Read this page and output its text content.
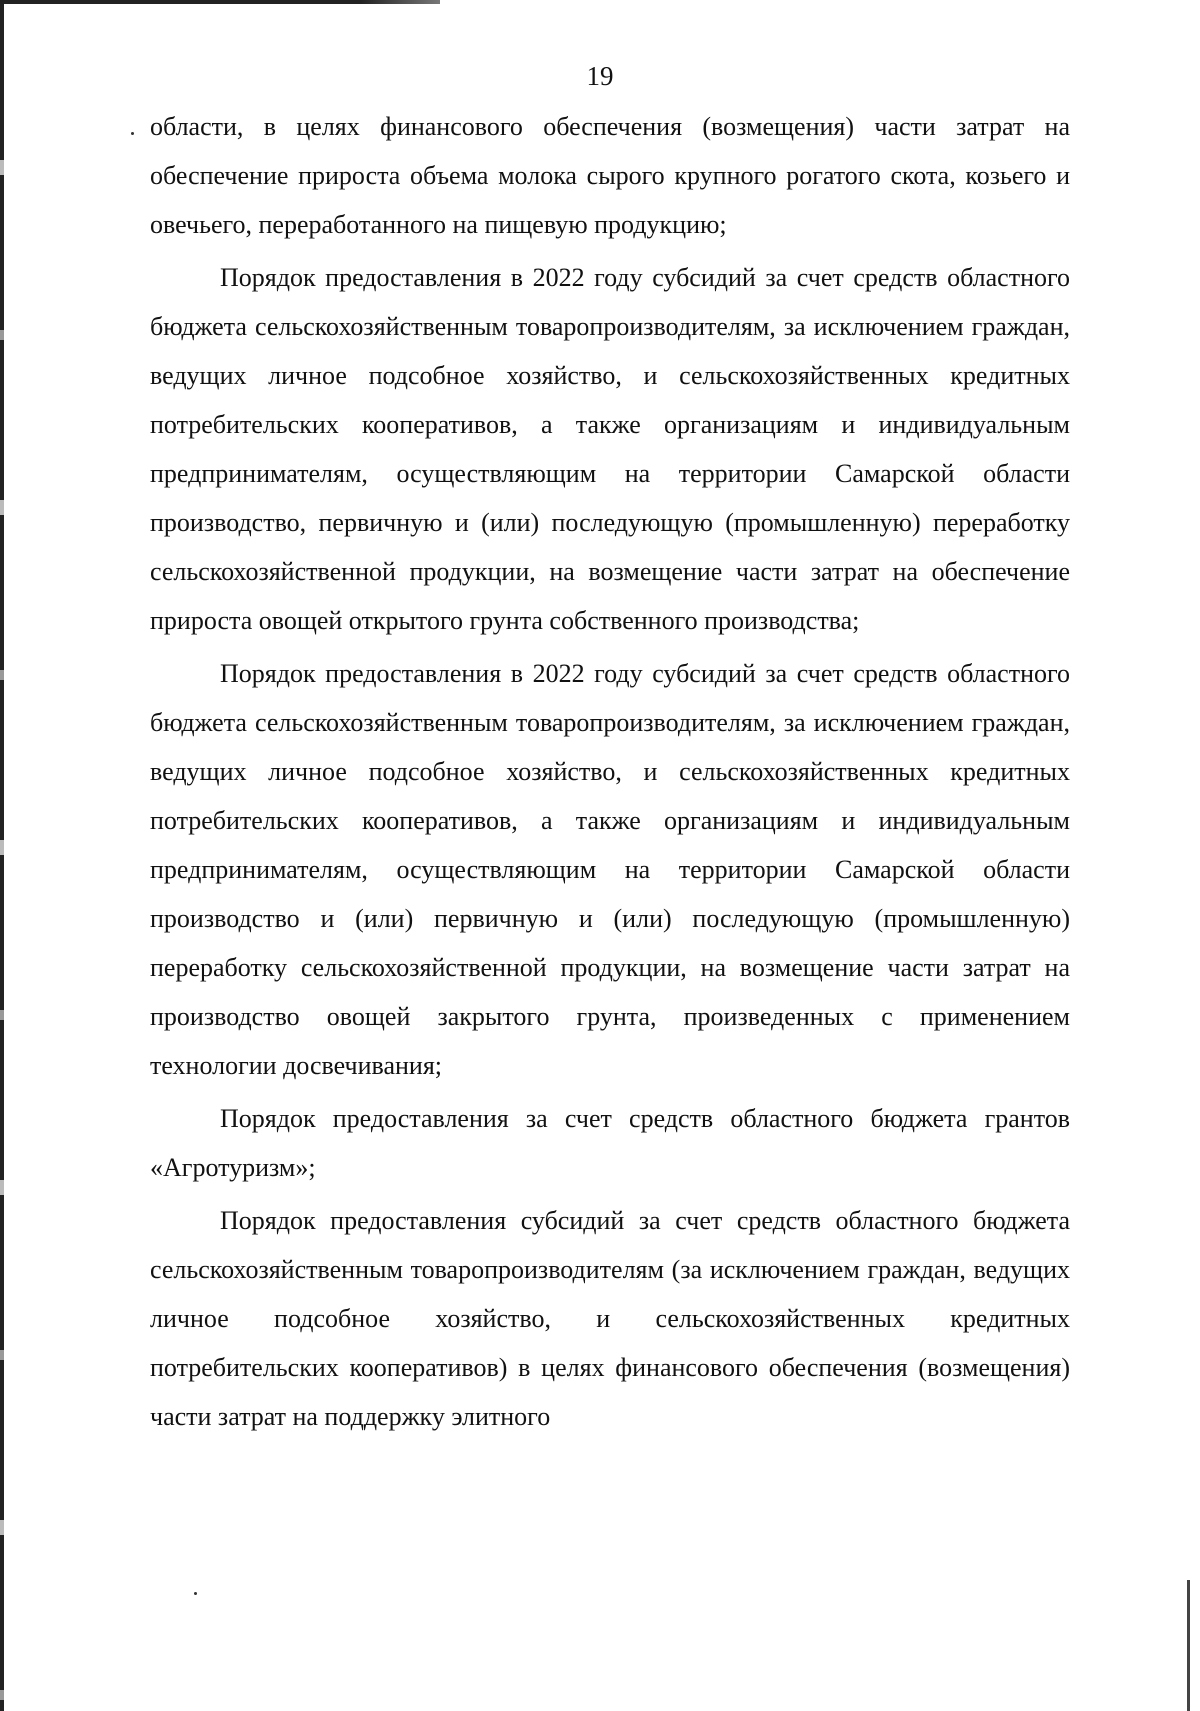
19

области, в целях финансового обеспечения (возмещения) части затрат на обеспечение прироста объема молока сырого крупного рогатого скота, козьего и овечьего, переработанного на пищевую продукцию;

Порядок предоставления в 2022 году субсидий за счет средств областного бюджета сельскохозяйственным товаропроизводителям, за исключением граждан, ведущих личное подсобное хозяйство, и сельскохозяйственных кредитных потребительских кооперативов, а также организациям и индивидуальным предпринимателям, осуществляющим на территории Самарской области производство, первичную и (или) последующую (промышленную) переработку сельскохозяйственной продукции, на возмещение части затрат на обеспечение прироста овощей открытого грунта собственного производства;

Порядок предоставления в 2022 году субсидий за счет средств областного бюджета сельскохозяйственным товаропроизводителям, за исключением граждан, ведущих личное подсобное хозяйство, и сельскохозяйственных кредитных потребительских кооперативов, а также организациям и индивидуальным предпринимателям, осуществляющим на территории Самарской области производство и (или) первичную и (или) последующую (промышленную) переработку сельскохозяйственной продукции, на возмещение части затрат на производство овощей закрытого грунта, произведенных с применением технологии досвечивания;

Порядок предоставления за счет средств областного бюджета грантов «Агротуризм»;

Порядок предоставления субсидий за счет средств областного бюджета сельскохозяйственным товаропроизводителям (за исключением граждан, ведущих личное подсобное хозяйство, и сельскохозяйственных кредитных потребительских кооперативов) в целях финансового обеспечения (возмещения) части затрат на поддержку элитного
